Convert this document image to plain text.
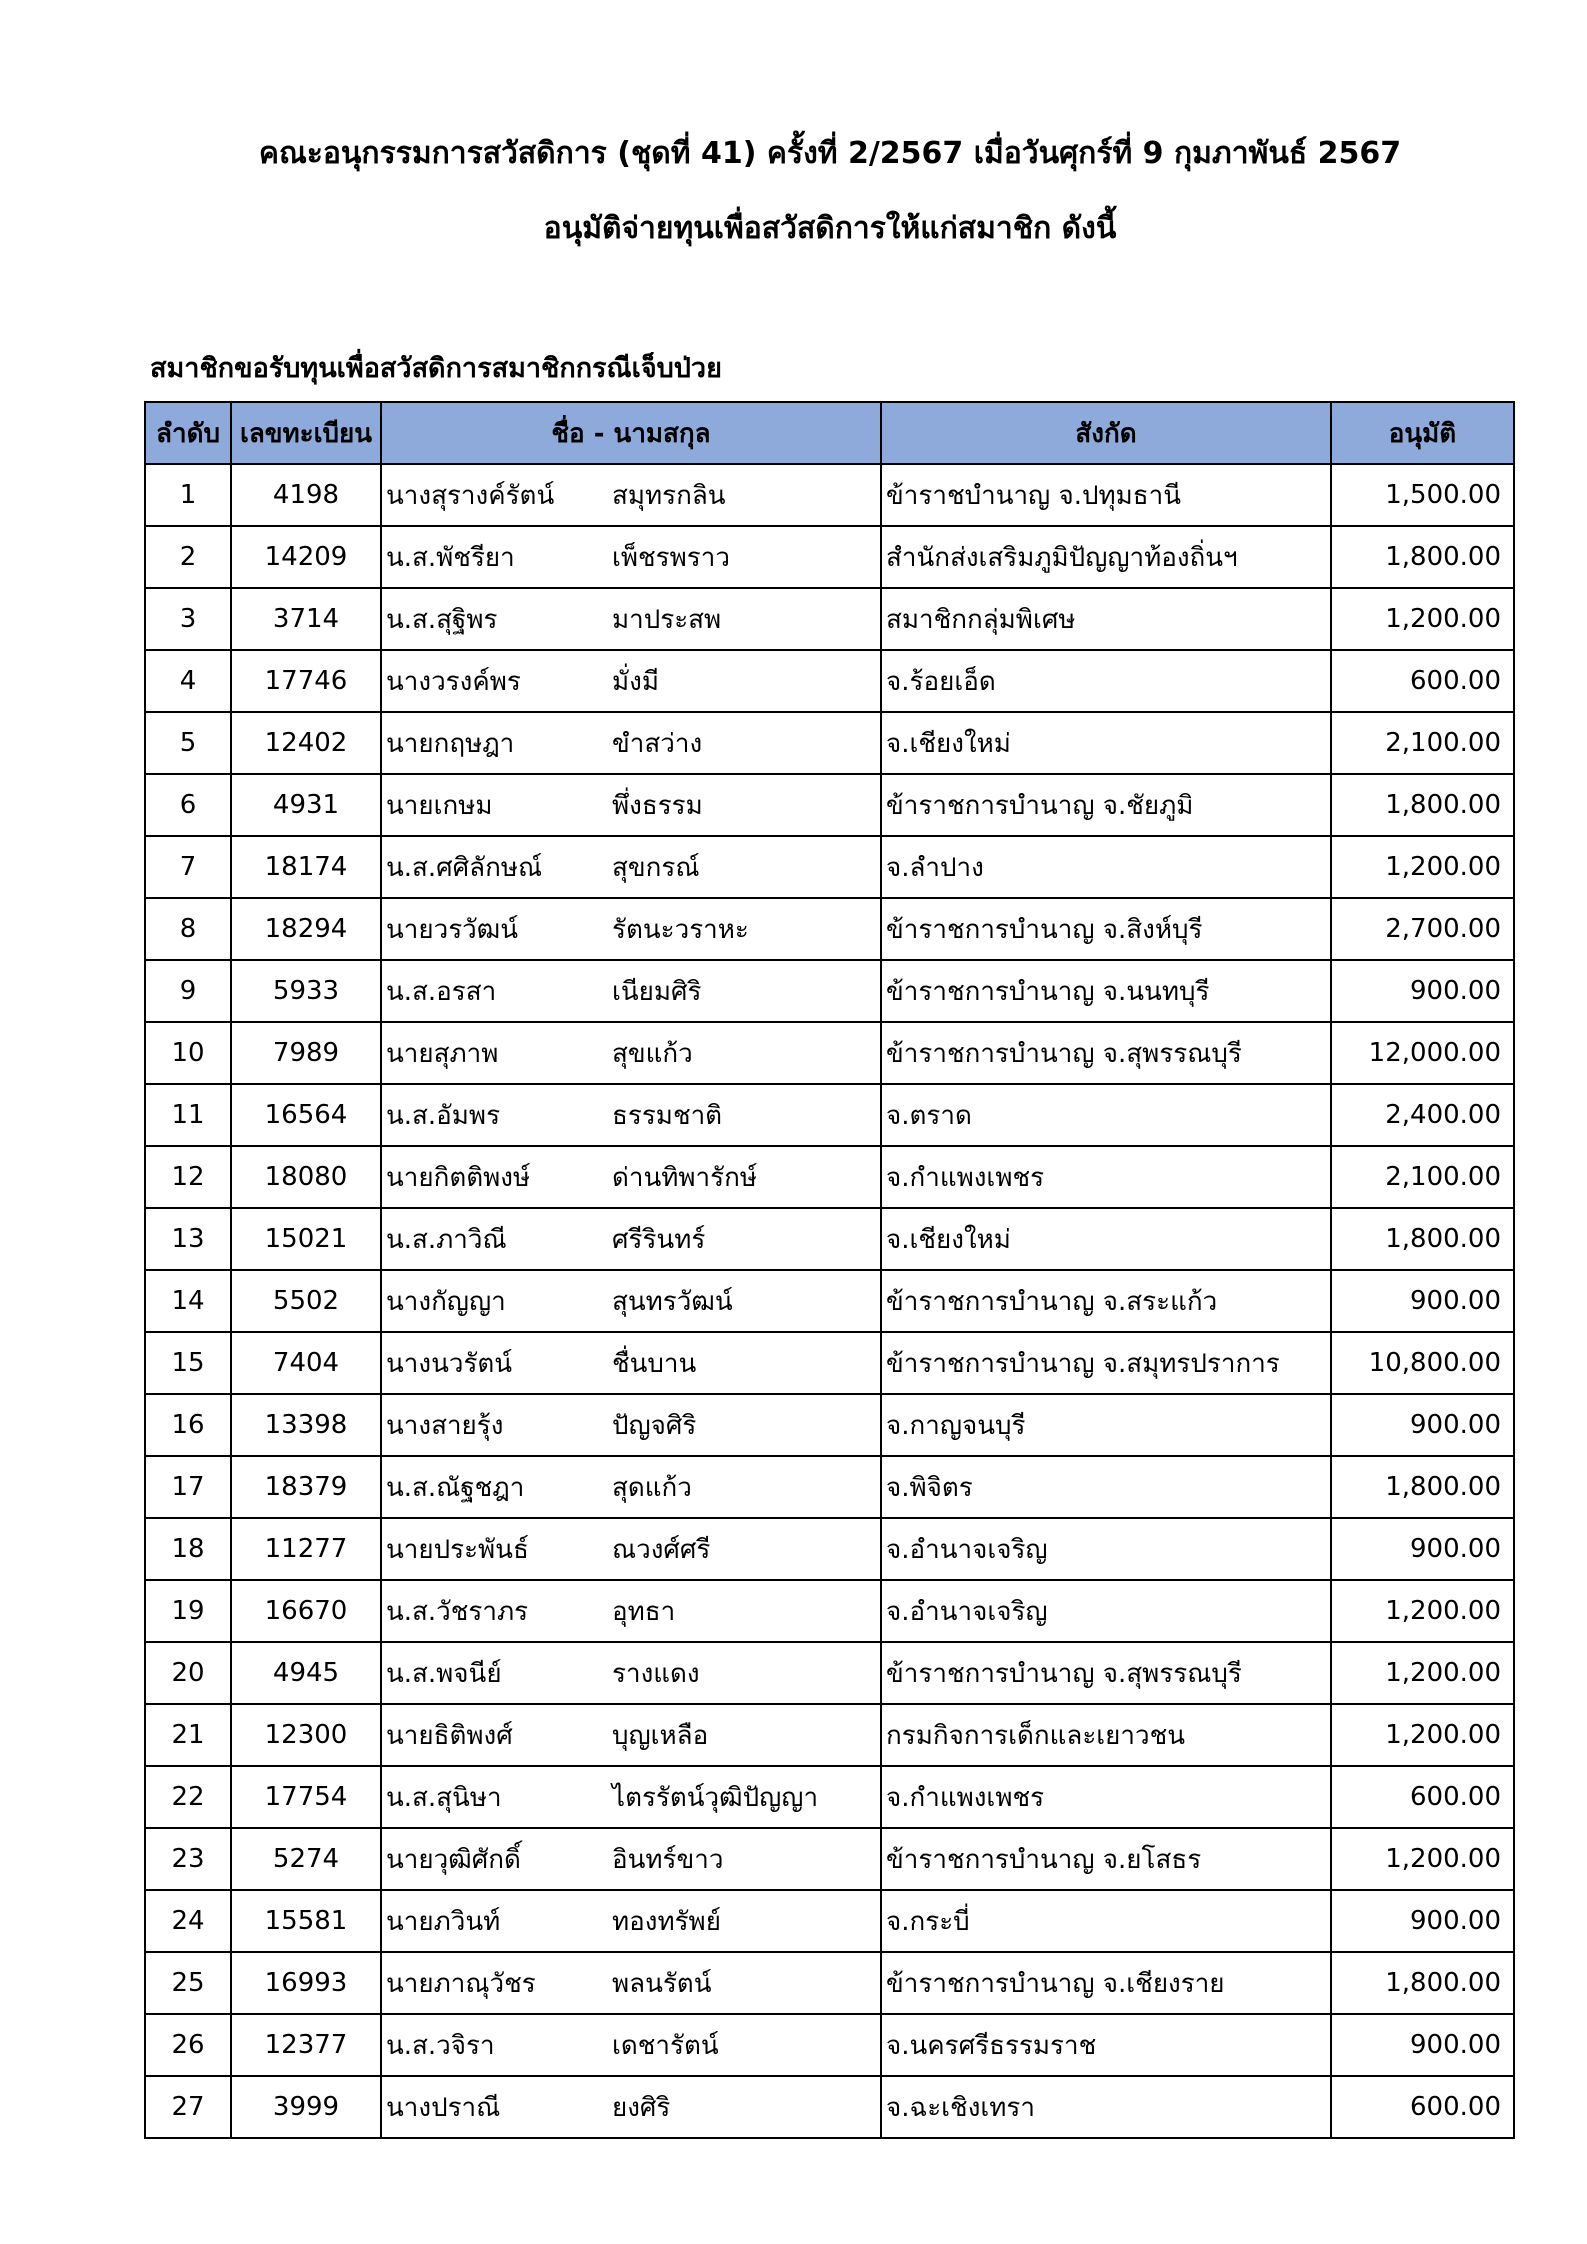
คณะอนุกรรมการสวัสดิการ (ชุดที่ 41) ครั้งที่ 2/2567 เมื่อวันศุกร์ที่ 9 กุมภาพันธ์ 2567
อนุมัติจ่ายทุนเพื่อสวัสดิการให้แก่สมาชิก ดังนี้
สมาชิกขอรับทุนเพื่อสวัสดิการสมาชิกกรณีเจ็บป่วย
ลำดับ	เลขทะเบียน	ชื่อ - นามสกุล	สังกัด	อนุมัติ
1	4198	นางสุรางค์รัตน์ สมุทรกลิน	ข้าราชบำนาญ จ.ปทุมธานี	1,500.00
2	14209	น.ส.พัชรียา เพ็ชรพราว	สำนักส่งเสริมภูมิปัญญาท้องถิ่นฯ	1,800.00
3	3714	น.ส.สุฐิพร มาประสพ	สมาชิกกลุ่มพิเศษ	1,200.00
4	17746	นางวรงค์พร มั่งมี	จ.ร้อยเอ็ด	600.00
5	12402	นายกฤษฎา ขำสว่าง	จ.เชียงใหม่	2,100.00
6	4931	นายเกษม พึ่งธรรม	ข้าราชการบำนาญ จ.ชัยภูมิ	1,800.00
7	18174	น.ส.ศศิลักษณ์ สุขกรณ์	จ.ลำปาง	1,200.00
8	18294	นายวรวัฒน์ รัตนะวราหะ	ข้าราชการบำนาญ จ.สิงห์บุรี	2,700.00
9	5933	น.ส.อรสา เนียมศิริ	ข้าราชการบำนาญ จ.นนทบุรี	900.00
10	7989	นายสุภาพ สุขแก้ว	ข้าราชการบำนาญ จ.สุพรรณบุรี	12,000.00
11	16564	น.ส.อัมพร ธรรมชาติ	จ.ตราด	2,400.00
12	18080	นายกิตติพงษ์ ด่านทิพารักษ์	จ.กำแพงเพชร	2,100.00
13	15021	น.ส.ภาวิณี ศรีรินทร์	จ.เชียงใหม่	1,800.00
14	5502	นางกัญญา สุนทรวัฒน์	ข้าราชการบำนาญ จ.สระแก้ว	900.00
15	7404	นางนวรัตน์ ชื่นบาน	ข้าราชการบำนาญ จ.สมุทรปราการ	10,800.00
16	13398	นางสายรุ้ง ปัญจศิริ	จ.กาญจนบุรี	900.00
17	18379	น.ส.ณัฐชฎา สุดแก้ว	จ.พิจิตร	1,800.00
18	11277	นายประพันธ์ ณวงศ์ศรี	จ.อำนาจเจริญ	900.00
19	16670	น.ส.วัชราภร อุทธา	จ.อำนาจเจริญ	1,200.00
20	4945	น.ส.พจนีย์ รางแดง	ข้าราชการบำนาญ จ.สุพรรณบุรี	1,200.00
21	12300	นายธิติพงศ์ บุญเหลือ	กรมกิจการเด็กและเยาวชน	1,200.00
22	17754	น.ส.สุนิษา ไตรรัตน์วุฒิปัญญา	จ.กำแพงเพชร	600.00
23	5274	นายวุฒิศักดิ์ อินทร์ขาว	ข้าราชการบำนาญ จ.ยโสธร	1,200.00
24	15581	นายภวินท์ ทองทรัพย์	จ.กระบี่	900.00
25	16993	นายภาณุวัชร พลนรัตน์	ข้าราชการบำนาญ จ.เชียงราย	1,800.00
26	12377	น.ส.วจิรา เดชารัตน์	จ.นครศรีธรรมราช	900.00
27	3999	นางปราณี ยงศิริ	จ.ฉะเชิงเทรา	600.00
